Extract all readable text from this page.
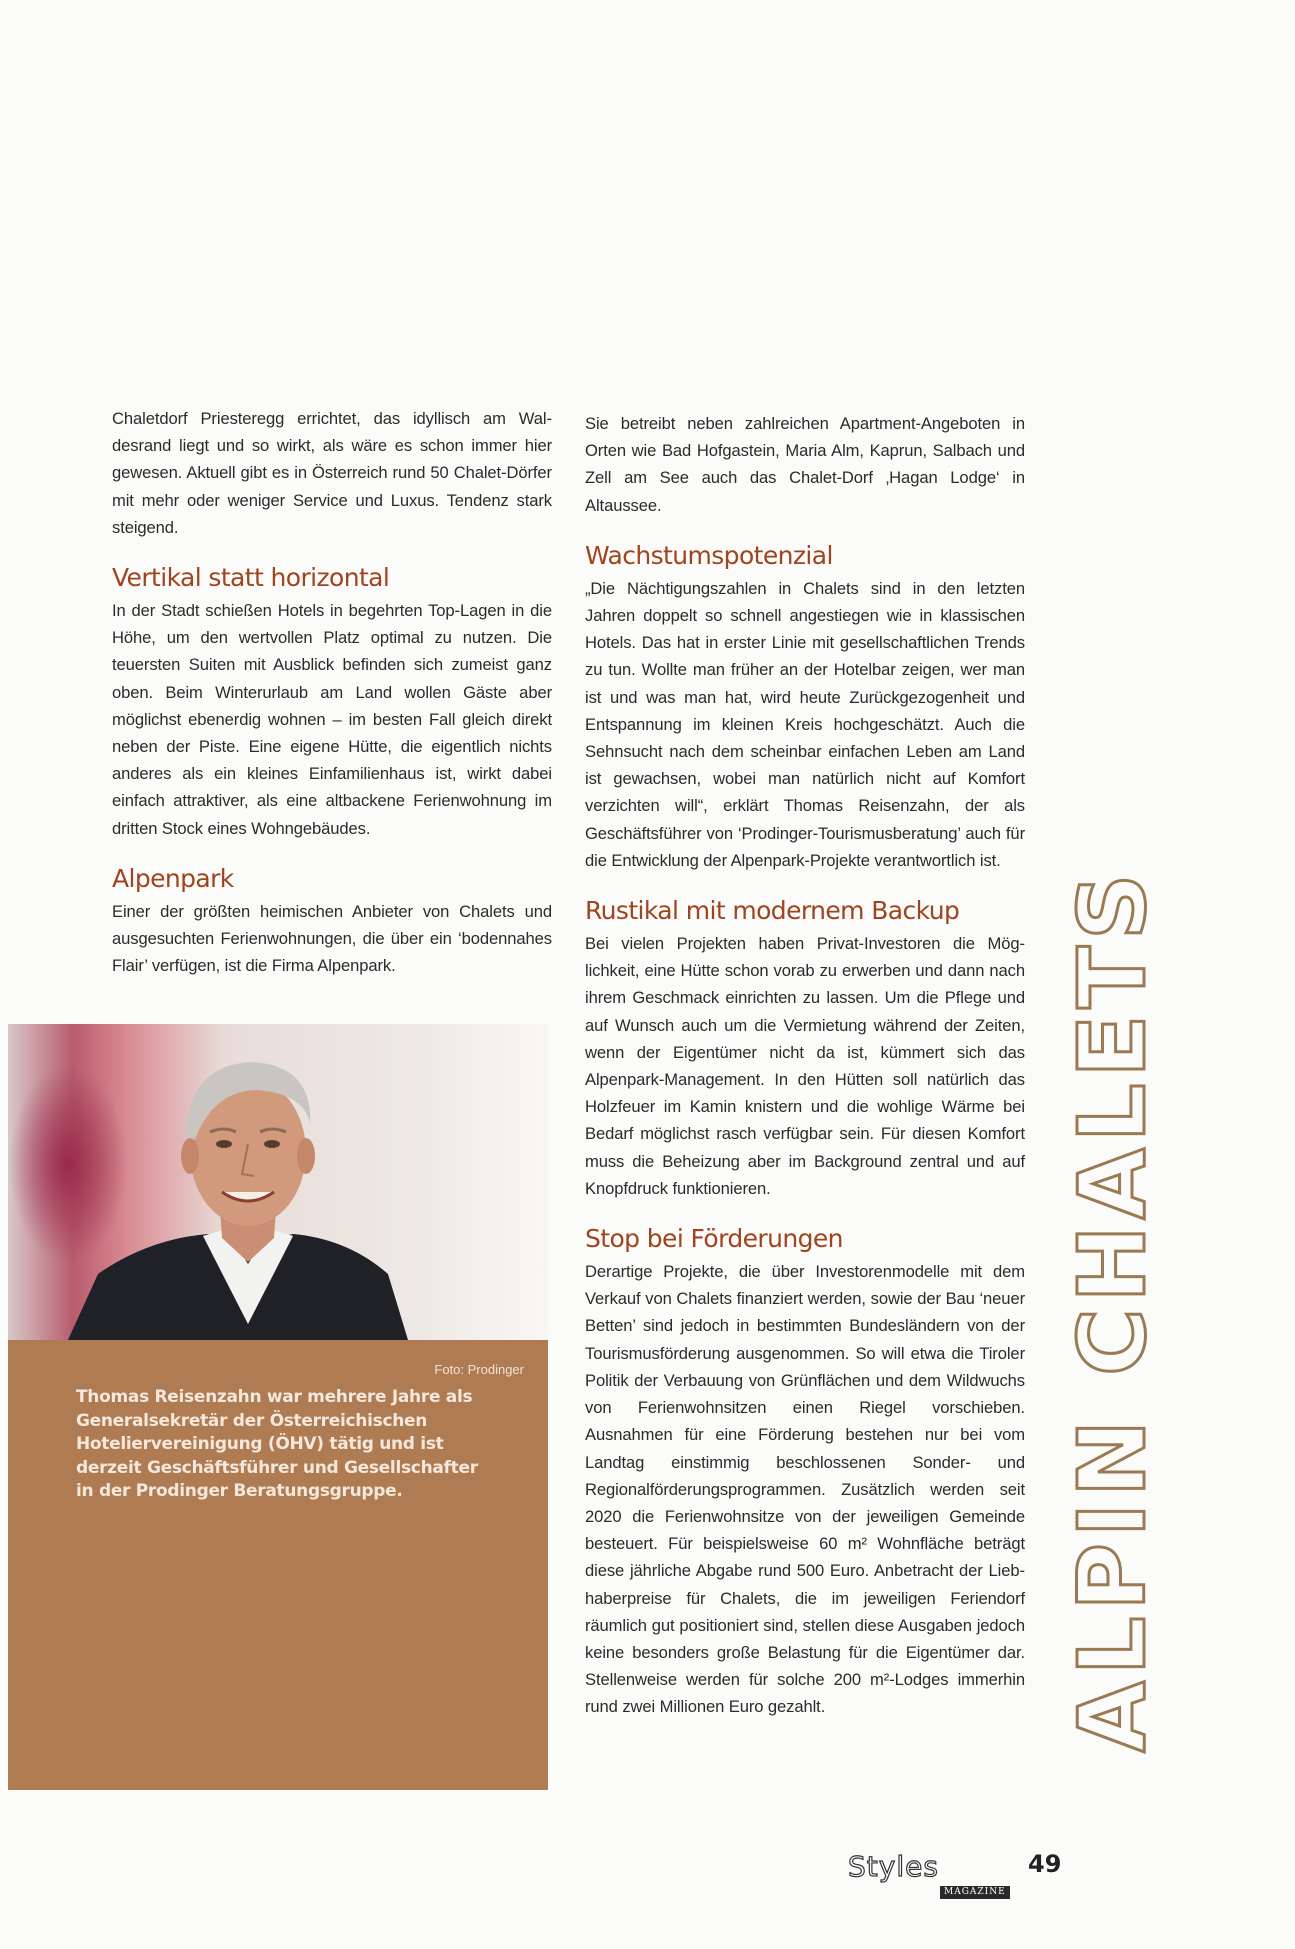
Chaletdorf Priesteregg errichtet, das idyllisch am Waldesrand liegt und so wirkt, als wäre es schon immer hier gewesen. Aktuell gibt es in Österreich rund 50 Chalet-Dörfer mit mehr oder weniger Service und Luxus. Tendenz stark steigend.

Vertikal statt horizontal

In der Stadt schießen Hotels in begehrten Top-Lagen in die Höhe, um den wertvollen Platz optimal zu nutzen. Die teuersten Suiten mit Ausblick befinden sich zumeist ganz oben. Beim Winterurlaub am Land wollen Gäste aber möglichst ebenerdig wohnen – im besten Fall gleich direkt neben der Piste. Eine eigene Hütte, die eigentlich nichts anderes als ein kleines Einfamilienhaus ist, wirkt dabei einfach attraktiver, als eine altbackene Ferienwohnung im dritten Stock eines Wohngebäudes.

Alpenpark

Einer der größten heimischen Anbieter von Chalets und ausgesuchten Ferienwohnungen, die über ein ‘bodennahes Flair’ verfügen, ist die Firma Alpenpark.

Foto: Prodinger
Thomas Reisenzahn war mehrere Jahre als Generalsekretär der Österreichischen Hoteliervereinigung (ÖHV) tätig und ist derzeit Geschäftsführer und Gesellschafter in der Prodinger Beratungsgruppe.

Sie betreibt neben zahlreichen Apartment-Angeboten in Orten wie Bad Hofgastein, Maria Alm, Kaprun, Salbach und Zell am See auch das Chalet-Dorf ‚Hagan Lodge‘ in Altaussee.

Wachstumspotenzial

„Die Nächtigungszahlen in Chalets sind in den letzten Jahren doppelt so schnell angestiegen wie in klassischen Hotels. Das hat in erster Linie mit gesellschaftlichen Trends zu tun. Wollte man früher an der Hotelbar zeigen, wer man ist und was man hat, wird heute Zurückgezogenheit und Entspannung im kleinen Kreis hochgeschätzt. Auch die Sehnsucht nach dem scheinbar einfachen Leben am Land ist gewachsen, wobei man natürlich nicht auf Komfort verzichten will“, erklärt Thomas Reisenzahn, der als Geschäftsführer von ‘Prodinger-Tourismusberatung’ auch für die Entwicklung der Alpenpark-Projekte verantwortlich ist.

Rustikal mit modernem Backup

Bei vielen Projekten haben Privat-Investoren die Möglichkeit, eine Hütte schon vorab zu erwerben und dann nach ihrem Geschmack einrichten zu lassen. Um die Pflege und auf Wunsch auch um die Vermietung während der Zeiten, wenn der Eigentümer nicht da ist, kümmert sich das Alpenpark-Management. In den Hütten soll natürlich das Holzfeuer im Kamin knistern und die wohlige Wärme bei Bedarf möglichst rasch verfügbar sein. Für diesen Komfort muss die Beheizung aber im Background zentral und auf Knopfdruck funktionieren.

Stop bei Förderungen

Derartige Projekte, die über Investorenmodelle mit dem Verkauf von Chalets finanziert werden, sowie der Bau ‘neuer Betten’ sind jedoch in bestimmten Bundesländern von der Tourismusförderung ausgenommen. So will etwa die Tiroler Politik der Verbauung von Grünflächen und dem Wildwuchs von Ferienwohnsitzen einen Riegel vorschieben. Ausnahmen für eine Förderung bestehen nur bei vom Landtag einstimmig beschlossenen Sonder- und Regionalförderungsprogrammen. Zusätzlich werden seit 2020 die Ferienwohnsitze von der jeweiligen Gemeinde besteuert. Für beispielsweise 60 m² Wohnfläche beträgt diese jährliche Abgabe rund 500 Euro. Anbetracht der Liebhaberpreise für Chalets, die im jeweiligen Feriendorf räumlich gut positioniert sind, stellen diese Ausgaben jedoch keine besonders große Belastung für die Eigentümer dar. Stellenweise werden für solche 200 m²-Lodges immerhin rund zwei Millionen Euro gezahlt.	ALPIN CHALETS
Styles
MAGAZINE
49
